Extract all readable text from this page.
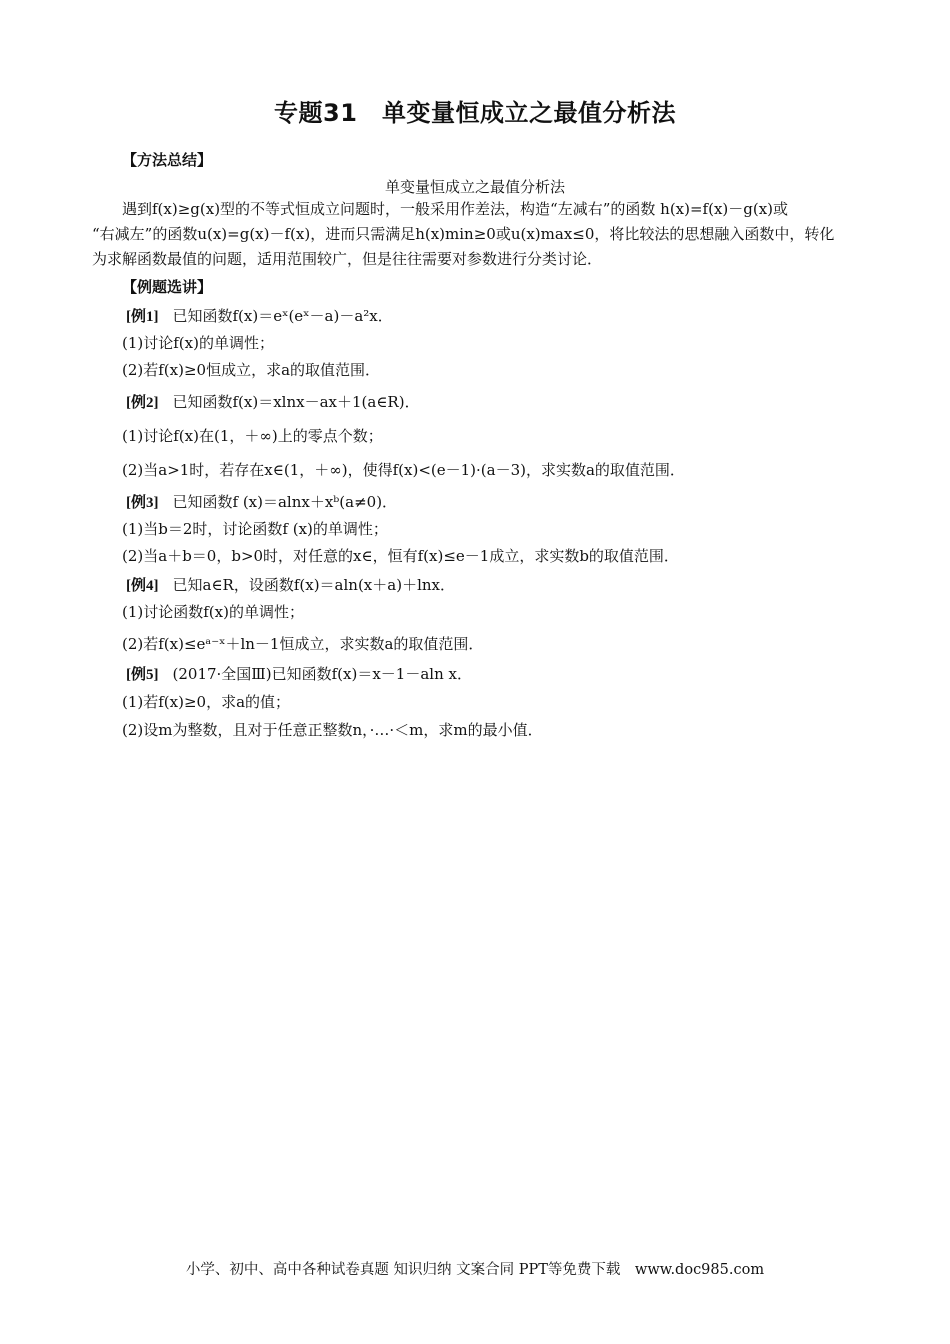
专题31　单变量恒成立之最值分析法
【方法总结】
单变量恒成立之最值分析法
遇到f(x)≥g(x)型的不等式恒成立问题时，一般采用作差法，构造“左减右”的函数 h(x)=f(x)－g(x)或
“右减左”的函数u(x)=g(x)－f(x)，进而只需满足h(x)min≥0或u(x)max≤0，将比较法的思想融入函数中，转化
为求解函数最值的问题，适用范围较广，但是往往需要对参数进行分类讨论．
【例题选讲】
[例1] 已知函数f(x)＝eˣ(eˣ－a)－a²x．
(1)讨论f(x)的单调性；
(2)若f(x)≥0恒成立，求a的取值范围．
[例2] 已知函数f(x)＝xlnx－ax＋1(a∈R)．
(1)讨论f(x)在(1，＋∞)上的零点个数；
(2)当a>1时，若存在x∈(1，＋∞)，使得f(x)<(e－1)·(a－3)，求实数a的取值范围．
[例3] 已知函数f (x)＝alnx＋xᵇ(a≠0)．
(1)当b＝2时，讨论函数f (x)的单调性；
(2)当a＋b＝0，b>0时，对任意的x∈，恒有f(x)≤e－1成立，求实数b的取值范围．
[例4] 已知a∈R，设函数f(x)＝aln(x＋a)＋lnx．
(1)讨论函数f(x)的单调性；
(2)若f(x)≤eᵃ⁻ˣ＋ln－1恒成立，求实数a的取值范围．
[例5] (2017·全国Ⅲ)已知函数f(x)＝x－1－aln x．
(1)若f(x)≥0，求a的值；
(2)设m为整数，且对于任意正整数n，·…·＜m，求m的最小值．
小学、初中、高中各种试卷真题 知识归纳 文案合同 PPT等免费下载　www.doc985.com
